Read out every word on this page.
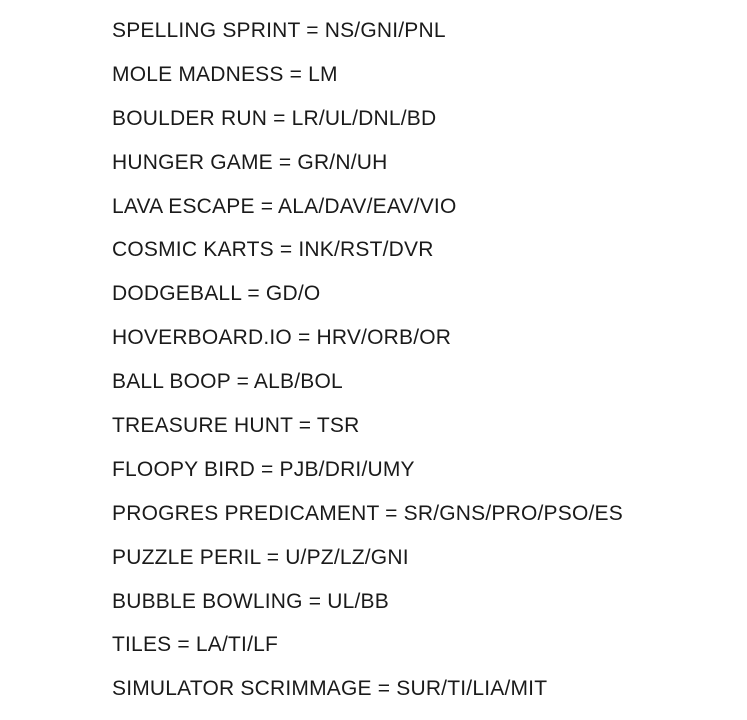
SPELLING SPRINT = NS/GNI/PNL
MOLE MADNESS = LM
BOULDER RUN = LR/UL/DNL/BD
HUNGER GAME = GR/N/UH
LAVA ESCAPE = ALA/DAV/EAV/VIO
COSMIC KARTS = INK/RST/DVR
DODGEBALL = GD/O
HOVERBOARD.IO = HRV/ORB/OR
BALL BOOP = ALB/BOL
TREASURE HUNT = TSR
FLOOPY BIRD = PJB/DRI/UMY
PROGRES PREDICAMENT = SR/GNS/PRO/PSO/ES
PUZZLE PERIL = U/PZ/LZ/GNI
BUBBLE BOWLING = UL/BB
TILES = LA/TI/LF
SIMULATOR SCRIMMAGE = SUR/TI/LIA/MIT
